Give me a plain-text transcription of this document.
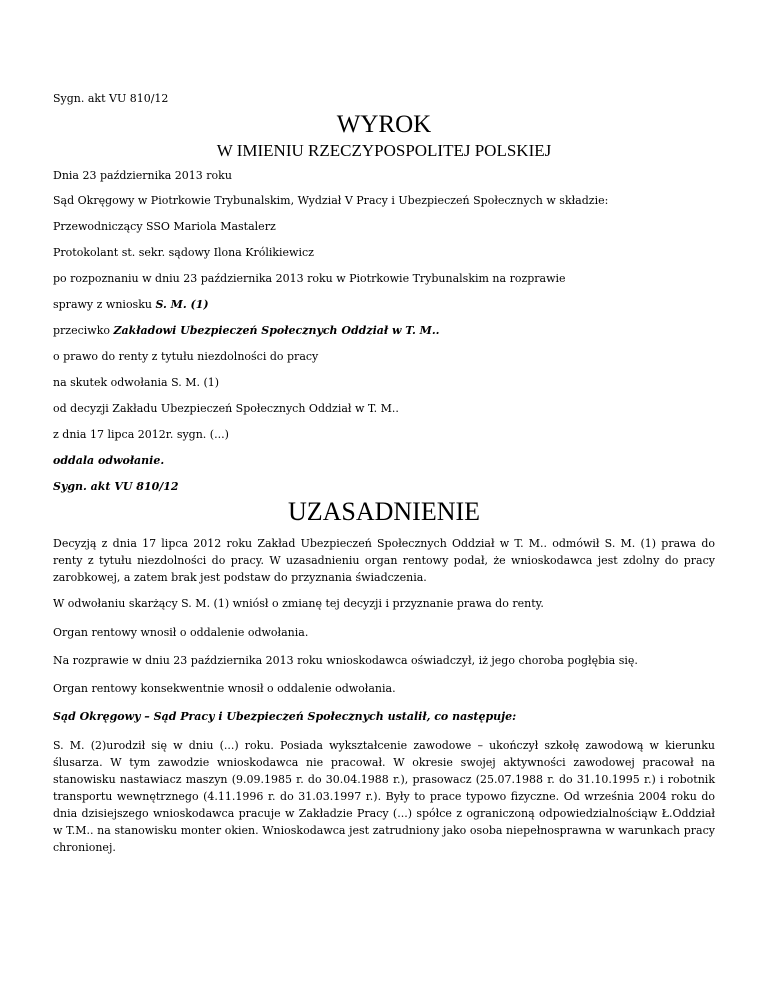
Sygn. akt VU 810/12

WYROK

W IMIENIU RZECZYPOSPOLITEJ POLSKIEJ

Dnia 23 października 2013 roku

Sąd Okręgowy w Piotrkowie Trybunalskim, Wydział V Pracy i Ubezpieczeń Społecznych w składzie:

Przewodniczący SSO Mariola Mastalerz

Protokolant st. sekr. sądowy Ilona Królikiewicz

po rozpoznaniu w dniu 23 października 2013 roku w Piotrkowie Trybunalskim na rozprawie

sprawy z wniosku S. M. (1)

przeciwko Zakładowi Ubezpieczeń Społecznych Oddział w T. M..

o prawo do renty z tytułu niezdolności do pracy

na skutek odwołania S. M. (1)

od decyzji Zakładu Ubezpieczeń Społecznych Oddział w T. M..

z dnia 17 lipca 2012r. sygn. (...)

oddala odwołanie.

Sygn. akt VU 810/12

UZASADNIENIE

Decyzją z dnia 17 lipca 2012 roku Zakład Ubezpieczeń Społecznych Oddział w T. M.. odmówił S. M. (1) prawa do renty z tytułu niezdolności do pracy. W uzasadnieniu organ rentowy podał, że wnioskodawca jest zdolny do pracy zarobkowej, a zatem brak jest podstaw do przyznania świadczenia.

W odwołaniu skarżący S. M. (1) wniósł o zmianę tej decyzji i przyznanie prawa do renty.

Organ rentowy wnosił o oddalenie odwołania.

Na rozprawie w dniu 23 października 2013 roku wnioskodawca oświadczył, iż jego choroba pogłębia się.

Organ rentowy konsekwentnie wnosił o oddalenie odwołania.

Sąd Okręgowy – Sąd Pracy i Ubezpieczeń Społecznych ustalił, co następuje:

S. M. (2)urodził się w dniu (...) roku. Posiada wykształcenie zawodowe – ukończył szkołę zawodową w kierunku ślusarza. W tym zawodzie wnioskodawca nie pracował. W okresie swojej aktywności zawodowej pracował na stanowisku nastawiacz maszyn (9.09.1985 r. do 30.04.1988 r.), prasowacz (25.07.1988 r. do 31.10.1995 r.) i robotnik transportu wewnętrznego (4.11.1996 r. do 31.03.1997 r.). Były to prace typowo fizyczne. Od września 2004 roku do dnia dzisiejszego wnioskodawca pracuje w Zakładzie Pracy (...) spółce z ograniczoną odpowiedzialnościąw Ł.Oddział w T.M.. na stanowisku monter okien. Wnioskodawca jest zatrudniony jako osoba niepełnosprawna w warunkach pracy chronionej.
